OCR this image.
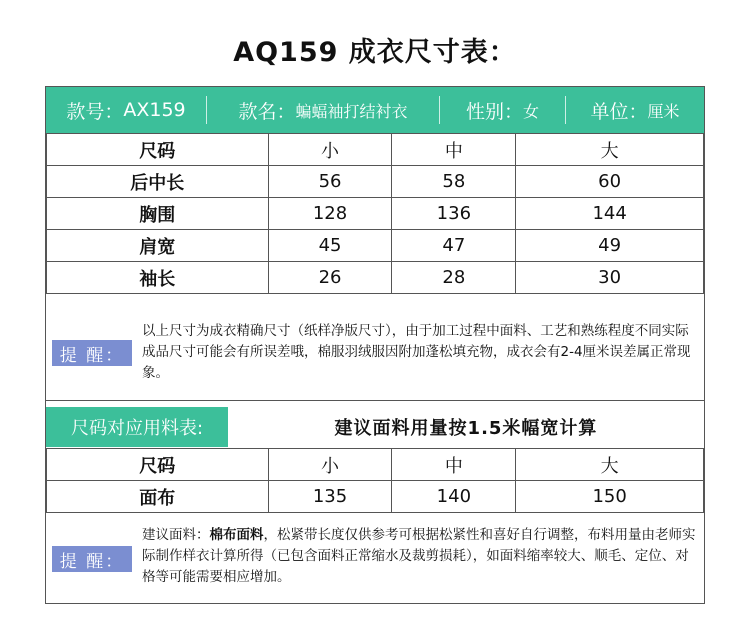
AQ159 成衣尺寸表：
款号： AX159	款名： 蝙蝠袖打结衬衣	性别： 女	单位： 厘米
尺码	小	中	大
后中长	56	58	60
胸围	128	136	144
肩宽	45	47	49
袖长	26	28	30
提 醒：
以上尺寸为成衣精确尺寸（纸样净版尺寸），由于加工过程中面料、工艺和熟练程度不同实际成品尺寸可能会有所误差哦，棉服羽绒服因附加蓬松填充物，成衣会有2-4厘米误差属正常现象。
尺码对应用料表:	建议面料用量按1.5米幅宽计算
尺码	小	中	大
面布	135	140	150
提 醒：
建议面料：棉布面料，松紧带长度仅供参考可根据松紧性和喜好自行调整，布料用量由老师实际制作样衣计算所得（已包含面料正常缩水及裁剪损耗），如面料缩率较大、顺毛、定位、对格等可能需要相应增加。
